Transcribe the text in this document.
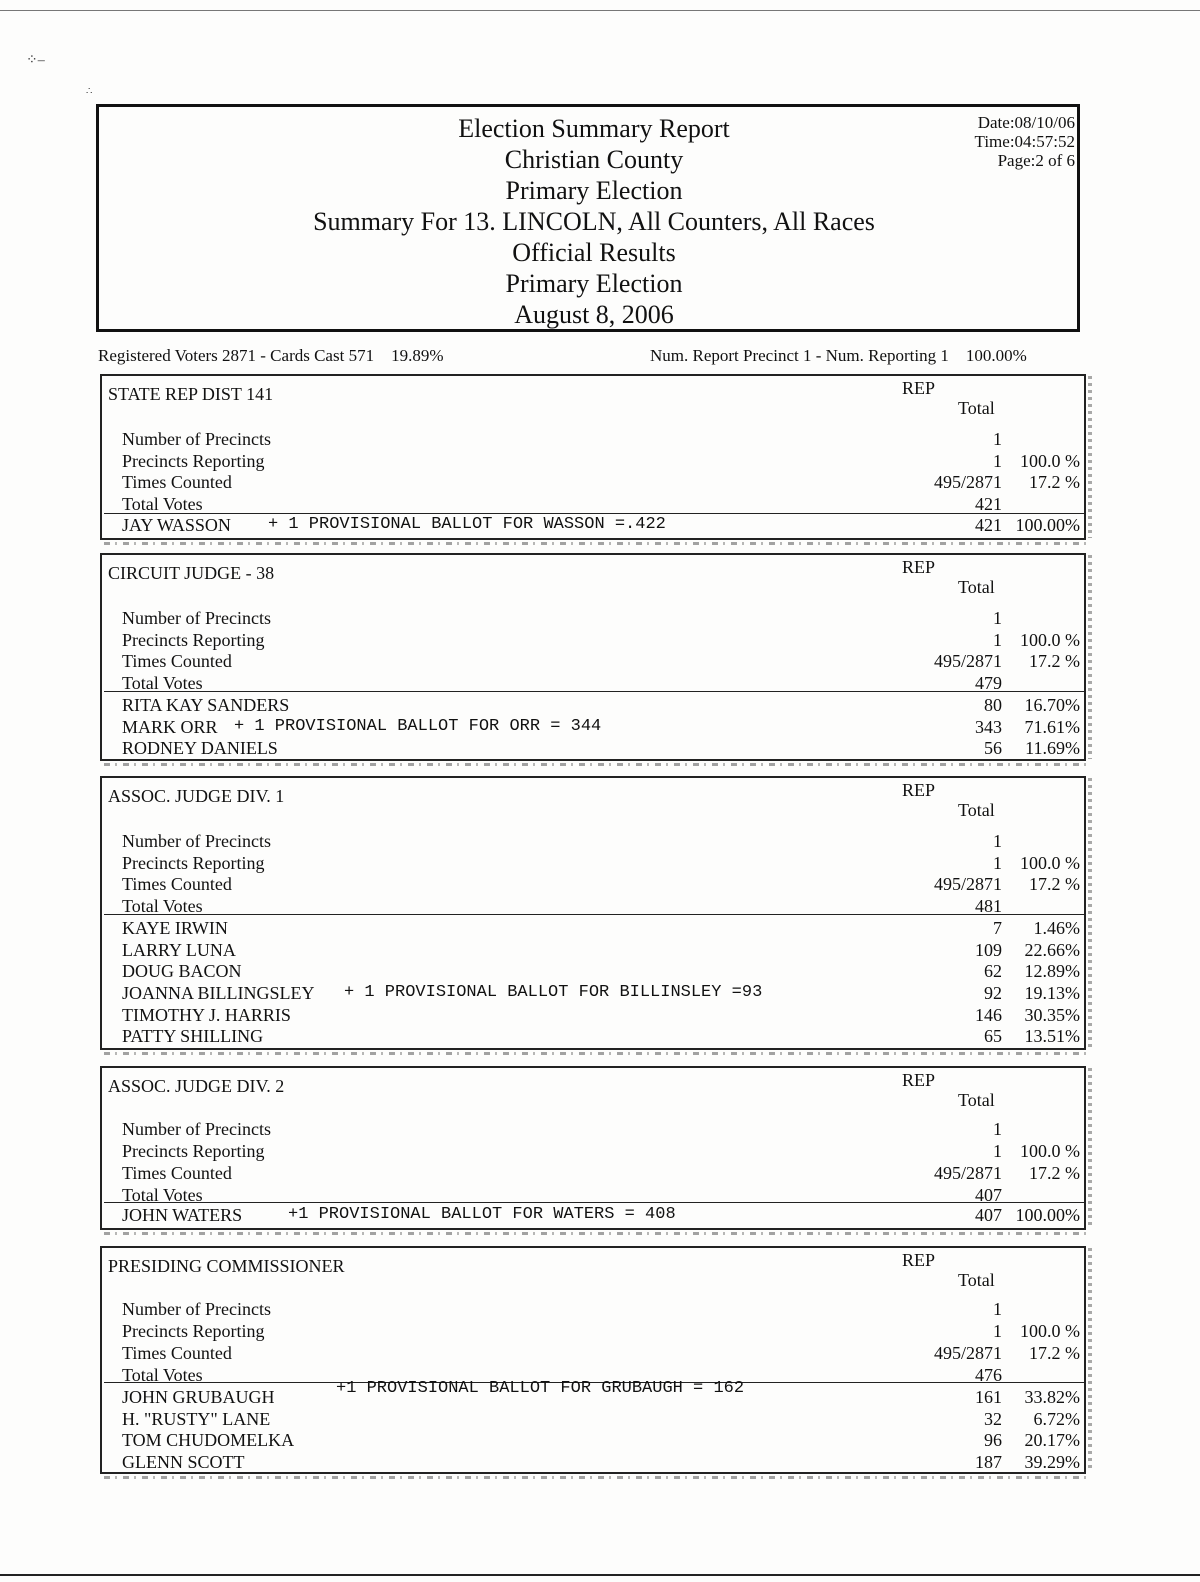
⁘–
∴
Election Summary Report
Christian County
Primary Election
Summary For 13. LINCOLN, All Counters, All Races
Official Results
Primary Election
August 8, 2006
Date:08/10/06
Time:04:57:52
Page:2 of 6
Registered Voters 2871 - Cards Cast 571 19.89%	Num. Report Precinct 1 - Num. Reporting 1 100.00%
STATE REP DIST 141	REP
Total
Number of Precincts	1
Precincts Reporting	1 100.0 %
Times Counted	495/2871 17.2 %
Total Votes	421
JAY WASSON + 1 PROVISIONAL BALLOT FOR WASSON =.422	421 100.00%
CIRCUIT JUDGE - 38	REP
Total
Number of Precincts	1
Precincts Reporting	1 100.0 %
Times Counted	495/2871 17.2 %
Total Votes	479
RITA KAY SANDERS	80 16.70%
MARK ORR + 1 PROVISIONAL BALLOT FOR ORR = 344	343 71.61%
RODNEY DANIELS	56 11.69%
ASSOC. JUDGE DIV. 1	REP
Total
Number of Precincts	1
Precincts Reporting	1 100.0 %
Times Counted	495/2871 17.2 %
Total Votes	481
KAYE IRWIN	7 1.46%
LARRY LUNA	109 22.66%
DOUG BACON	62 12.89%
JOANNA BILLINGSLEY + 1 PROVISIONAL BALLOT FOR BILLINSLEY =93	92 19.13%
TIMOTHY J. HARRIS	146 30.35%
PATTY SHILLING	65 13.51%
ASSOC. JUDGE DIV. 2	REP
Total
Number of Precincts	1
Precincts Reporting	1 100.0 %
Times Counted	495/2871 17.2 %
Total Votes	407
JOHN WATERS	+1 PROVISIONAL BALLOT FOR WATERS = 408	407 100.00%
PRESIDING COMMISSIONER	REP
Total
Number of Precincts	1
Precincts Reporting	1 100.0 %
Times Counted	495/2871 17.2 %
Total Votes	476
JOHN GRUBAUGH	+1 PROVISIONAL BALLOT FOR GRUBAUGH = 162	161 33.82%
H. "RUSTY" LANE	32 6.72%
TOM CHUDOMELKA	96 20.17%
GLENN SCOTT	187 39.29%
